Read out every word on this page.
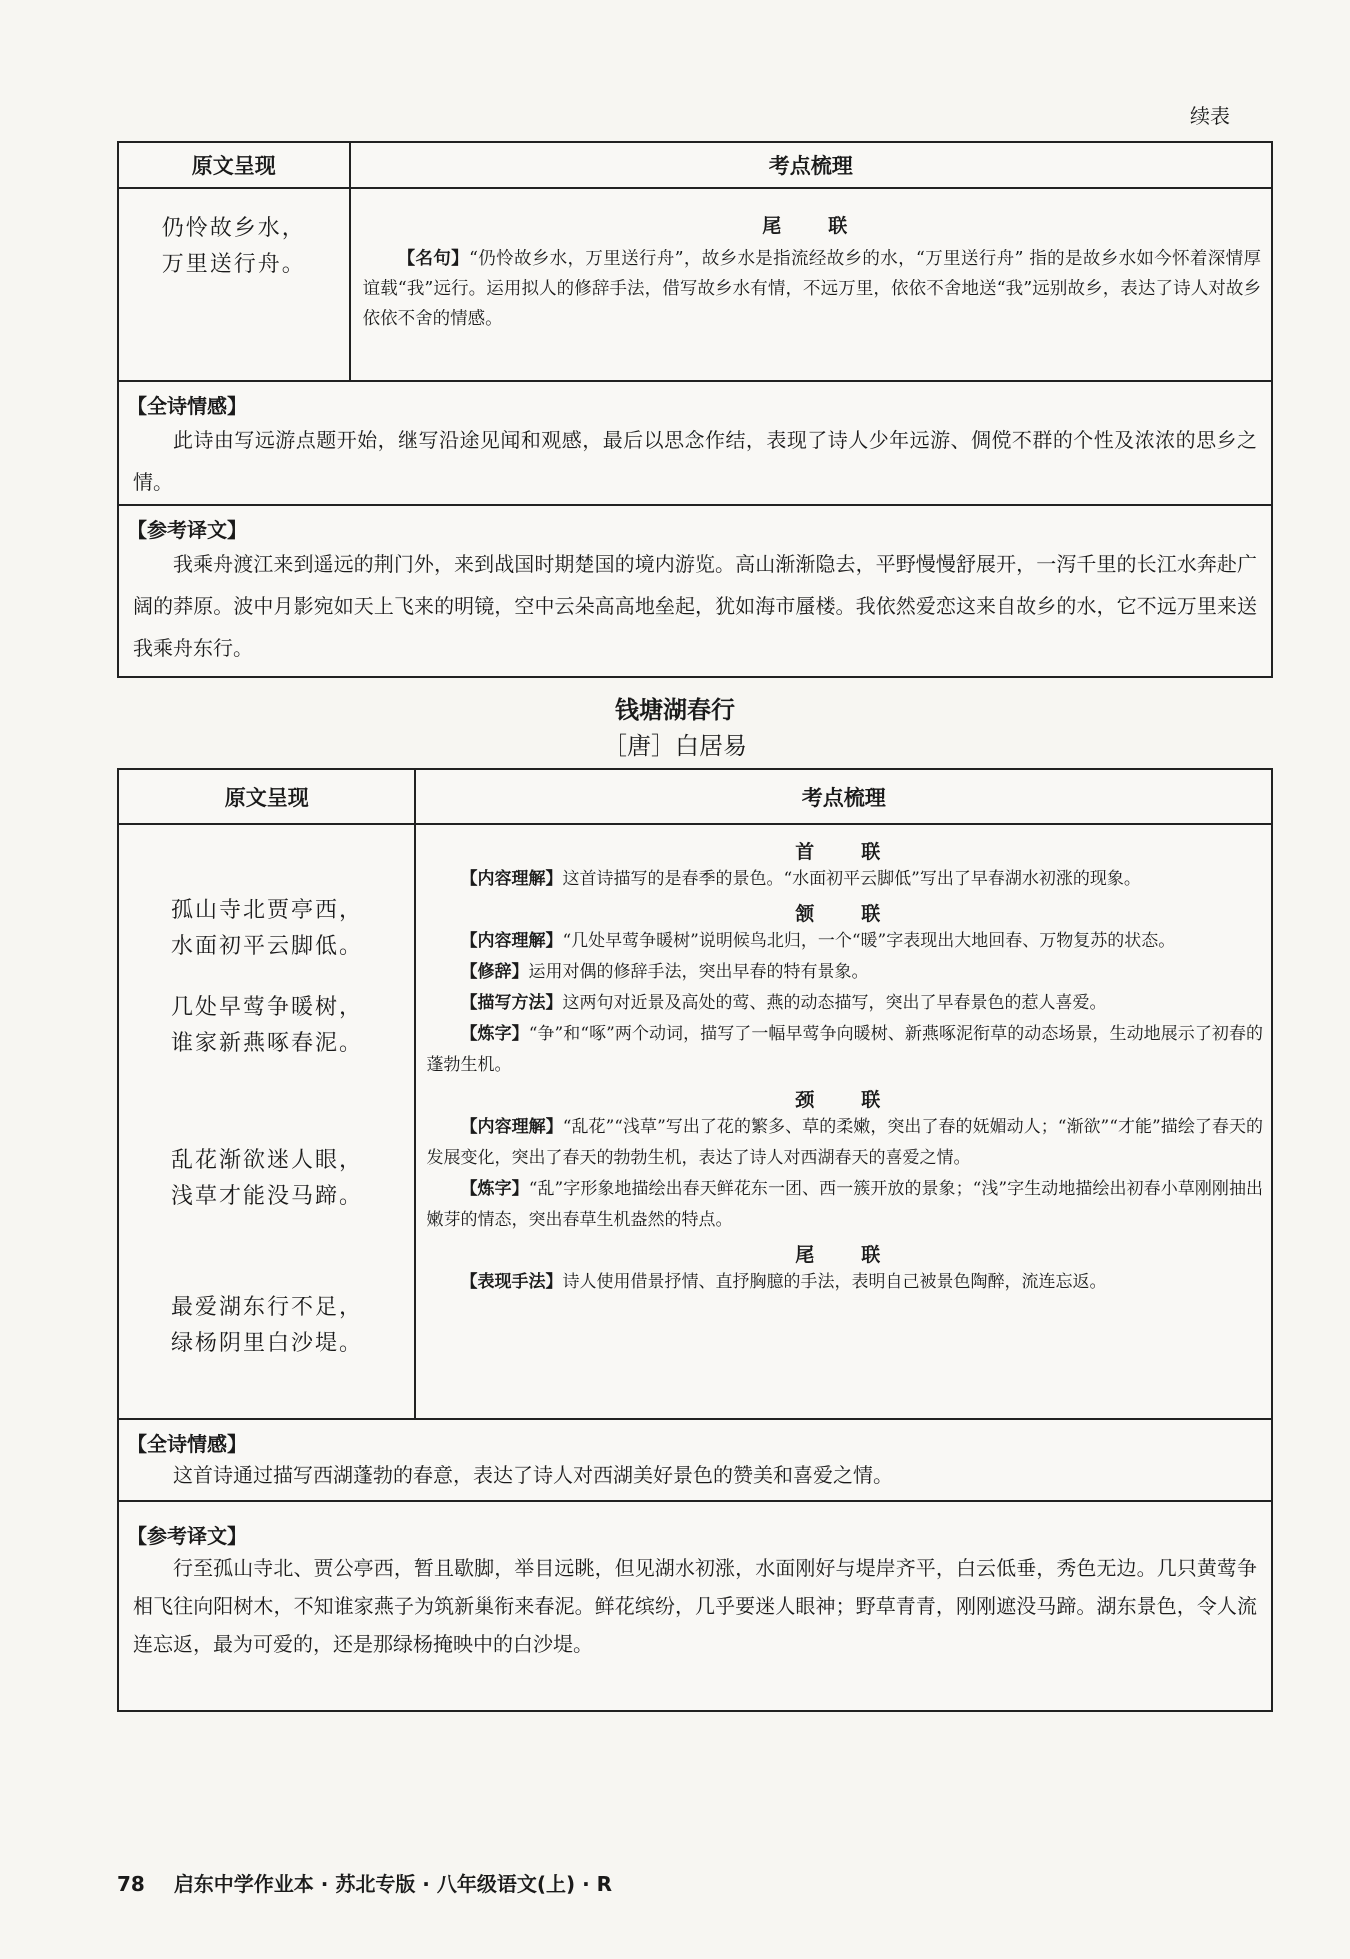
续表
原文呈现	考点梳理
仍怜故乡水，
万里送行舟。
尾　联

【名句】“仍怜故乡水，万里送行舟”，故乡水是指流经故乡的水，“万里送行舟” 指的是故乡水如今怀着深情厚谊载“我”远行。运用拟人的修辞手法，借写故乡水有情，不远万里，依依不舍地送“我”远别故乡，表达了诗人对故乡依依不舍的情感。

【全诗情感】

此诗由写远游点题开始，继写沿途见闻和观感，最后以思念作结，表现了诗人少年远游、倜傥不群的个性及浓浓的思乡之情。

【参考译文】

我乘舟渡江来到遥远的荆门外，来到战国时期楚国的境内游览。高山渐渐隐去，平野慢慢舒展开，一泻千里的长江水奔赴广阔的莽原。波中月影宛如天上飞来的明镜，空中云朵高高地垒起，犹如海市蜃楼。我依然爱恋这来自故乡的水，它不远万里来送我乘舟东行。

钱塘湖春行
［唐］白居易
原文呈现	考点梳理
孤山寺北贾亭西，
水面初平云脚低。
几处早莺争暖树，
谁家新燕啄春泥。
乱花渐欲迷人眼，
浅草才能没马蹄。
最爱湖东行不足，
绿杨阴里白沙堤。
首　联

【内容理解】这首诗描写的是春季的景色。“水面初平云脚低”写出了早春湖水初涨的现象。

颔　联

【内容理解】“几处早莺争暖树”说明候鸟北归，一个“暖”字表现出大地回春、万物复苏的状态。

【修辞】运用对偶的修辞手法，突出早春的特有景象。

【描写方法】这两句对近景及高处的莺、燕的动态描写，突出了早春景色的惹人喜爱。

【炼字】“争”和“啄”两个动词，描写了一幅早莺争向暖树、新燕啄泥衔草的动态场景，生动地展示了初春的蓬勃生机。

颈　联

【内容理解】“乱花”“浅草”写出了花的繁多、草的柔嫩，突出了春的妩媚动人；“渐欲”“才能”描绘了春天的发展变化，突出了春天的勃勃生机，表达了诗人对西湖春天的喜爱之情。

【炼字】“乱”字形象地描绘出春天鲜花东一团、西一簇开放的景象；“浅”字生动地描绘出初春小草刚刚抽出嫩芽的情态，突出春草生机盎然的特点。

尾　联

【表现手法】诗人使用借景抒情、直抒胸臆的手法，表明自己被景色陶醉，流连忘返。

【全诗情感】

这首诗通过描写西湖蓬勃的春意，表达了诗人对西湖美好景色的赞美和喜爱之情。

【参考译文】

行至孤山寺北、贾公亭西，暂且歇脚，举目远眺，但见湖水初涨，水面刚好与堤岸齐平，白云低垂，秀色无边。几只黄莺争相飞往向阳树木，不知谁家燕子为筑新巢衔来春泥。鲜花缤纷，几乎要迷人眼神；野草青青，刚刚遮没马蹄。湖东景色，令人流连忘返，最为可爱的，还是那绿杨掩映中的白沙堤。

78 启东中学作业本 · 苏北专版 · 八年级语文(上) · R
